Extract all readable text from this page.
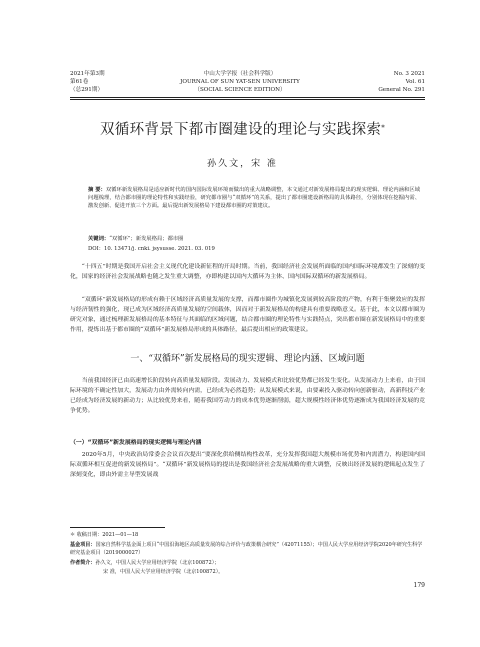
2021年第3期
第61卷
（总291期）
中山大学学报（社会科学版）
JOURNAL OF SUN YAT-SEN UNIVERSITY
（SOCIAL SCIENCE EDITION）
No. 3 2021
Vol. 61
General No. 291
双循环背景下都市圈建设的理论与实践探索*
孙久文，宋 准
摘 要：双循环新发展格局是适应新时代的国内国际发展环境而做出的重大战略调整，本文通过对新发展格局提出的现实逻辑、理论内涵和区域问题梳理，结合都市圈的理论特性和实践经验，研究都市圈与“双循环”的关系，提出了都市圈建设新格局的具体路径，分别体现在挖掘内需、激发创新、促进开放三个方面。最后提出新发展格局下建设都市圈的对策建议。
关键词：“双循环”；新发展格局；都市圈
DOI：10. 13471/j. cnki. jsysusse. 2021. 03. 019
“十四五”时期是我国开启社会主义现代化建设新征程的开局时期。当前，我国经济社会发展所面临的国内国际环境都发生了深刻的变化，国家的经济社会发展战略也随之发生重大调整，亦即构建以国内大循环为主体、国内国际双循环的新发展格局。
“双循环”新发展格局的形成有赖于区域经济高质量发展的支撑，而都市圈作为城镇化发展到较高阶段的产物，有利于集聚效应的发挥与经济韧性的强化，现已成为区域经济高质量发展的空间载体，因而对于新发展格局的构建具有重要战略意义。基于此，本文以都市圈为研究对象，通过梳理新发展格局的基本特征与其面临的区域问题，结合都市圈的理论特性与实践特点，突出都市圈在新发展格局中的重要作用，提炼出基于都市圈的“双循环”新发展格局形成的具体路径，最后提出相应的政策建议。
一、“双循环”新发展格局的现实逻辑、理论内涵、区域问题
当前我国经济已由高速增长阶段转向高质量发展阶段。发展动力、发展模式和比较优势都已经发生变化。从发展动力上来看，由于国际环境的不确定性加大，发展动力由外需转向内需，已经成为必然趋势；从发展模式来说，由要素投入驱动转向创新驱动，高新科技产业已经成为经济发展的新动力；从比较优势来看，随着我国劳动力的成本优势逐渐削弱，超大规模性经济体优势逐渐成为我国经济发展的竞争优势。
（一）“双循环”新发展格局的现实逻辑与理论内涵
2020年5月，中央政治局常委会会议首次提出“要深化供给侧结构性改革，充分发挥我国超大规模市场优势和内需潜力，构建国内国际双循环相互促进的新发展格局”。“双循环”新发展格局的提出是我国经济社会发展战略的重大调整，反映出经济发展的逻辑起点发生了深刻变化，即由外需主导型发展战
＊ 收稿日期：2021—01—18
基金项目：国家自然科学基金面上项目“中国沿海地区高质量发展的综合评价与政策耦合研究”（42071155）；中国人民大学应用经济学院2020年研究生科学研究基金项目（2019000027）
作者简介：孙久文，中国人民大学应用经济学院（北京100872）；
宋 准，中国人民大学应用经济学院（北京100872）。
179
